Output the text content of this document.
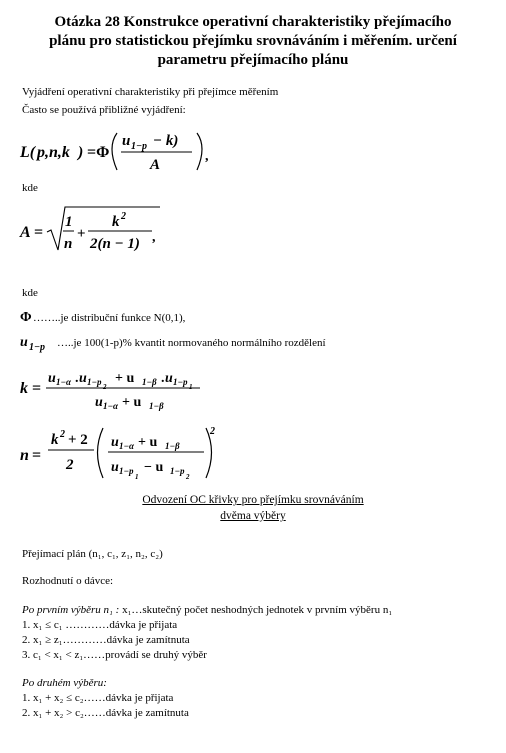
Otázka 28 Konstrukce operativní charakteristiky přejímacího
plánu pro statistickou přejímku srovnáváním i měřením. určení
parametru přejímacího plánu
Vyjádření operativní charakteristiky při přejímce měřením
Často se používá přibližné vyjádření:
L( p,n,k ) =Φ
u 1−p − k)
A
,
A =
1
n
+
k 2
2(n − 1) ,
u 1−p
k =
u 1−α . u 1−p 2
+ u 1−β . u 1−p 1
u 1−α + u 1−β
n =
k 2 + 2
2
u 1−α + u 1−β
u 1−p
1
− u 1−p
2
2
Φ
kde
kde
……..je distribuční funkce N(0,1),
…..je 100(1-p)% kvantit normovaného normálního rozdělení
Odvození OC křivky pro přejímku srovnáváním
dvěma výběry
Přejímací plán (n₁, c₁, z₁, n₂, c₂)
Rozhodnutí o dávce:
Po prvním výběru n₁ : x₁…skutečný počet neshodných jednotek v prvním výběru n₁
1. x₁ ≤ c₁ …………dávka je přijata
2. x₁ ≥ z₁…………dávka je zamítnuta
3. c₁ < x₁ < z₁……provádí se druhý výběr
Po druhém výběru:
1. x₁ + x₂ ≤ c₂……dávka je přijata
2. x₁ + x₂ > c₂……dávka je zamítnuta
